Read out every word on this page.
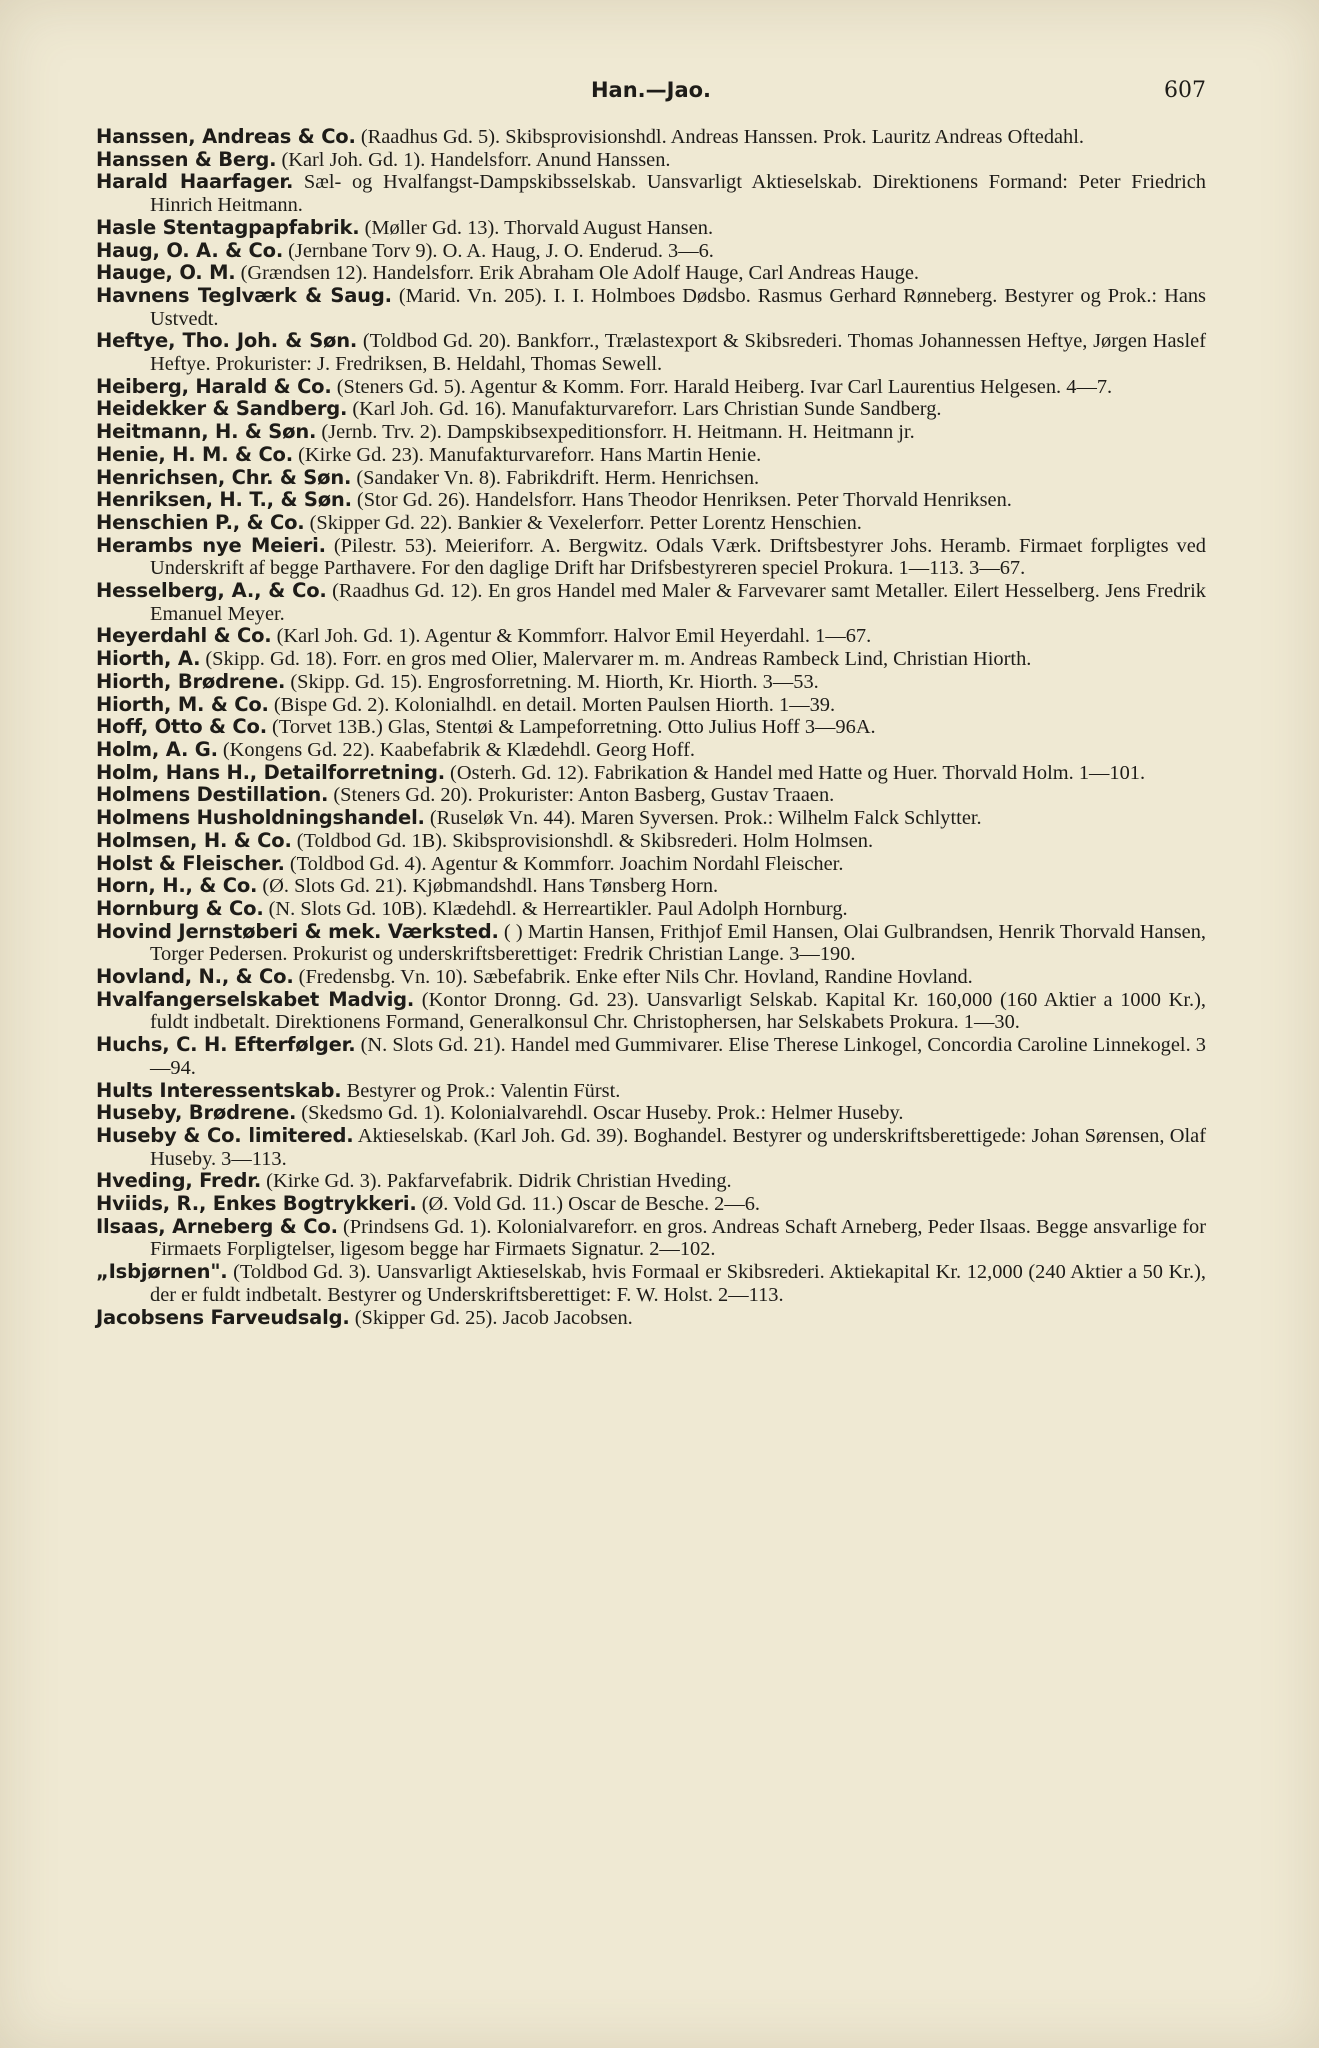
Han.—Jao.	607
Hanssen, Andreas & Co. (Raadhus Gd. 5). Skibsprovisionshdl. Andreas Hanssen. Prok. Lauritz Andreas Oftedahl.
Hanssen & Berg. (Karl Joh. Gd. 1). Handelsforr. Anund Hanssen.
Harald Haarfager. Sæl- og Hvalfangst-Dampskibsselskab. Uansvarligt Aktieselskab. Direktionens Formand: Peter Friedrich Hinrich Heitmann.
Hasle Stentagpapfabrik. (Møller Gd. 13). Thorvald August Hansen.
Haug, O. A. & Co. (Jernbane Torv 9). O. A. Haug, J. O. Enderud. 3—6.
Hauge, O. M. (Grændsen 12). Handelsforr. Erik Abraham Ole Adolf Hauge, Carl Andreas Hauge.
Havnens Teglværk & Saug. (Marid. Vn. 205). I. I. Holmboes Dødsbo. Rasmus Gerhard Rønneberg. Bestyrer og Prok.: Hans Ustvedt.
Heftye, Tho. Joh. & Søn. (Toldbod Gd. 20). Bankforr., Trælastexport & Skibsrederi. Thomas Johannessen Heftye, Jørgen Haslef Heftye. Prokurister: J. Fredriksen, B. Heldahl, Thomas Sewell.
Heiberg, Harald & Co. (Steners Gd. 5). Agentur & Komm. Forr. Harald Heiberg. Ivar Carl Laurentius Helgesen. 4—7.
Heidekker & Sandberg. (Karl Joh. Gd. 16). Manufakturvareforr. Lars Christian Sunde Sandberg.
Heitmann, H. & Søn. (Jernb. Trv. 2). Dampskibsexpeditionsforr. H. Heitmann. H. Heitmann jr.
Henie, H. M. & Co. (Kirke Gd. 23). Manufakturvareforr. Hans Martin Henie.
Henrichsen, Chr. & Søn. (Sandaker Vn. 8). Fabrikdrift. Herm. Henrichsen.
Henriksen, H. T., & Søn. (Stor Gd. 26). Handelsforr. Hans Theodor Henriksen. Peter Thorvald Henriksen.
Henschien P., & Co. (Skipper Gd. 22). Bankier & Vexelerforr. Petter Lorentz Henschien.
Herambs nye Meieri. (Pilestr. 53). Meieriforr. A. Bergwitz. Odals Værk. Driftsbestyrer Johs. Heramb. Firmaet forpligtes ved Underskrift af begge Parthavere. For den daglige Drift har Drifsbestyreren speciel Prokura. 1—113. 3—67.
Hesselberg, A., & Co. (Raadhus Gd. 12). En gros Handel med Maler & Farvevarer samt Metaller. Eilert Hesselberg. Jens Fredrik Emanuel Meyer.
Heyerdahl & Co. (Karl Joh. Gd. 1). Agentur & Kommforr. Halvor Emil Heyerdahl. 1—67.
Hiorth, A. (Skipp. Gd. 18). Forr. en gros med Olier, Malervarer m. m. Andreas Rambeck Lind, Christian Hiorth.
Hiorth, Brødrene. (Skipp. Gd. 15). Engrosforretning. M. Hiorth, Kr. Hiorth. 3—53.
Hiorth, M. & Co. (Bispe Gd. 2). Kolonialhdl. en detail. Morten Paulsen Hiorth. 1—39.
Hoff, Otto & Co. (Torvet 13B.) Glas, Stentøi & Lampeforretning. Otto Julius Hoff 3—96A.
Holm, A. G. (Kongens Gd. 22). Kaabefabrik & Klædehdl. Georg Hoff.
Holm, Hans H., Detailforretning. (Osterh. Gd. 12). Fabrikation & Handel med Hatte og Huer. Thorvald Holm. 1—101.
Holmens Destillation. (Steners Gd. 20). Prokurister: Anton Basberg, Gustav Traaen.
Holmens Husholdningshandel. (Ruseløk Vn. 44). Maren Syversen. Prok.: Wilhelm Falck Schlytter.
Holmsen, H. & Co. (Toldbod Gd. 1B). Skibsprovisionshdl. & Skibsrederi. Holm Holmsen.
Holst & Fleischer. (Toldbod Gd. 4). Agentur & Kommforr. Joachim Nordahl Fleischer.
Horn, H., & Co. (Ø. Slots Gd. 21). Kjøbmandshdl. Hans Tønsberg Horn.
Hornburg & Co. (N. Slots Gd. 10B). Klædehdl. & Herreartikler. Paul Adolph Hornburg.
Hovind Jernstøberi & mek. Værksted. ( ) Martin Hansen, Frithjof Emil Hansen, Olai Gulbrandsen, Henrik Thorvald Hansen, Torger Pedersen. Prokurist og underskriftsberettiget: Fredrik Christian Lange. 3—190.
Hovland, N., & Co. (Fredensbg. Vn. 10). Sæbefabrik. Enke efter Nils Chr. Hovland, Randine Hovland.
Hvalfangerselskabet Madvig. (Kontor Dronng. Gd. 23). Uansvarligt Selskab. Kapital Kr. 160,000 (160 Aktier a 1000 Kr.), fuldt indbetalt. Direktionens Formand, Generalkonsul Chr. Christophersen, har Selskabets Prokura. 1—30.
Huchs, C. H. Efterfølger. (N. Slots Gd. 21). Handel med Gummivarer. Elise Therese Linkogel, Concordia Caroline Linnekogel. 3—94.
Hults Interessentskab. Bestyrer og Prok.: Valentin Fürst.
Huseby, Brødrene. (Skedsmo Gd. 1). Kolonialvarehdl. Oscar Huseby. Prok.: Helmer Huseby.
Huseby & Co. limitered. Aktieselskab. (Karl Joh. Gd. 39). Boghandel. Bestyrer og underskriftsberettigede: Johan Sørensen, Olaf Huseby. 3—113.
Hveding, Fredr. (Kirke Gd. 3). Pakfarvefabrik. Didrik Christian Hveding.
Hviids, R., Enkes Bogtrykkeri. (Ø. Vold Gd. 11.) Oscar de Besche. 2—6.
Ilsaas, Arneberg & Co. (Prindsens Gd. 1). Kolonialvareforr. en gros. Andreas Schaft Arneberg, Peder Ilsaas. Begge ansvarlige for Firmaets Forpligtelser, ligesom begge har Firmaets Signatur. 2—102.
„Isbjørnen". (Toldbod Gd. 3). Uansvarligt Aktieselskab, hvis Formaal er Skibsrederi. Aktiekapital Kr. 12,000 (240 Aktier a 50 Kr.), der er fuldt indbetalt. Bestyrer og Underskriftsberettiget: F. W. Holst. 2—113.
Jacobsens Farveudsalg. (Skipper Gd. 25). Jacob Jacobsen.
